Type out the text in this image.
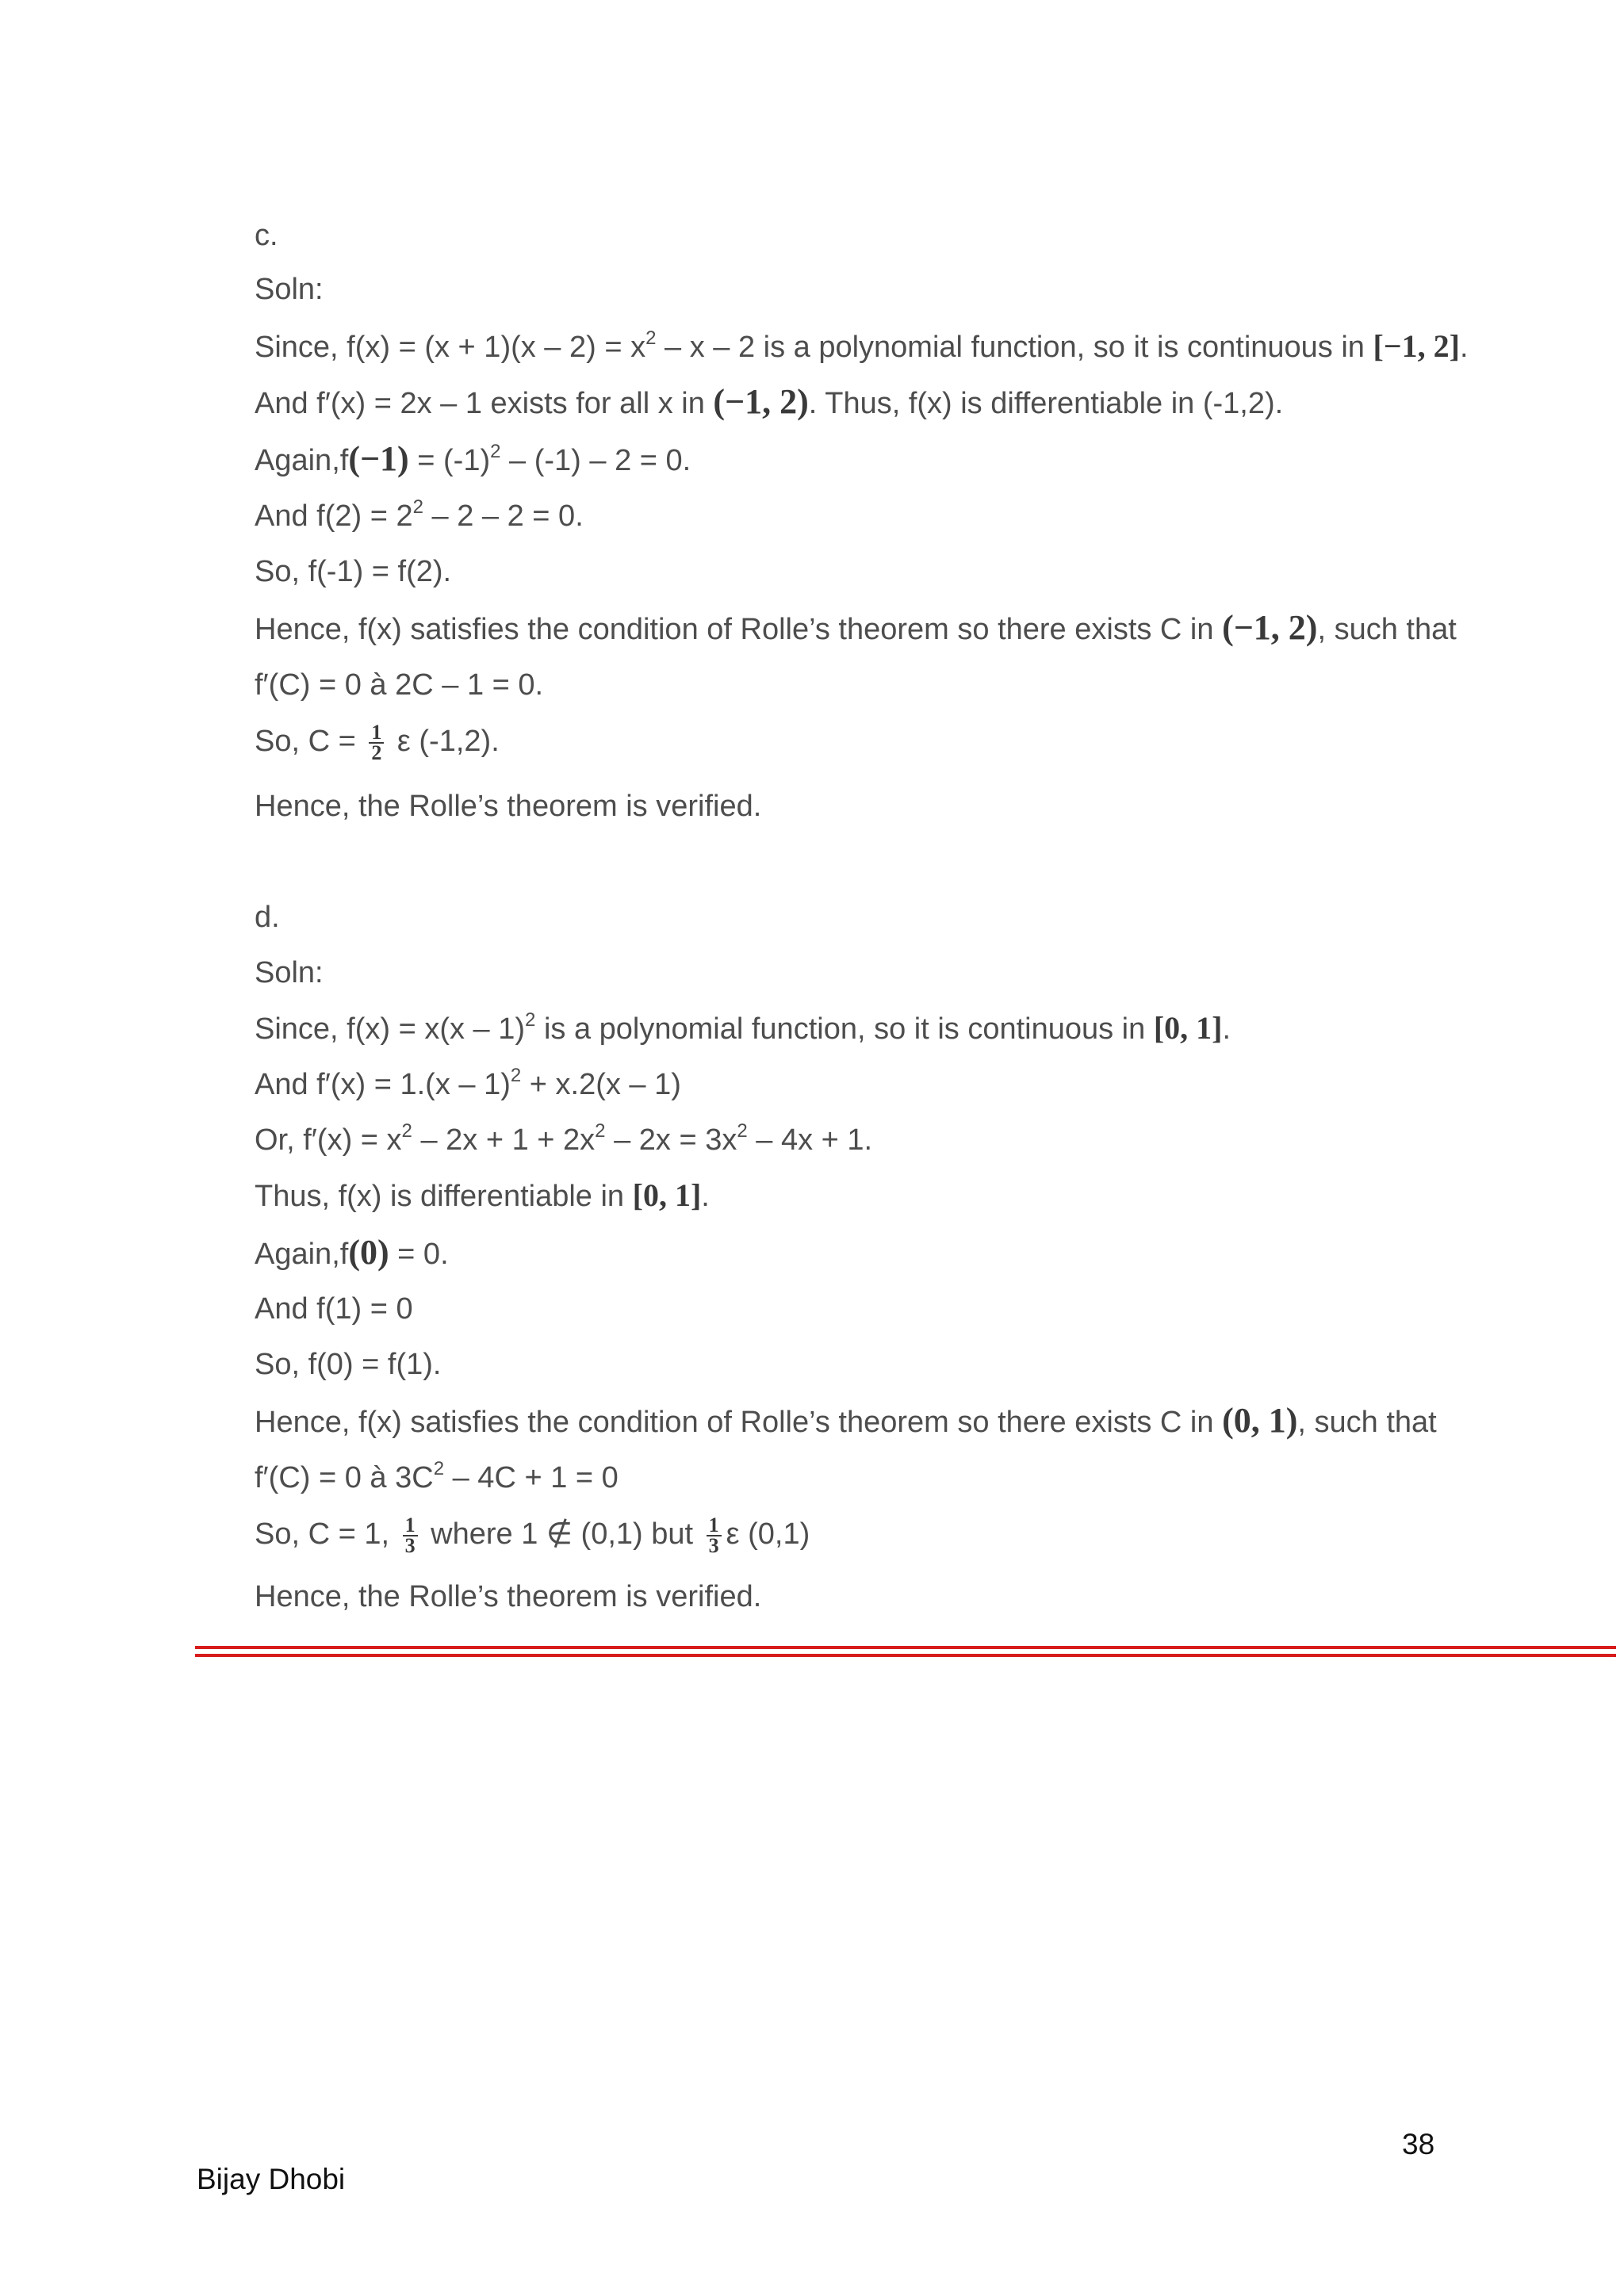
c.
Soln:
Since, $f(x) = (x + 1)(x - 2) = x^2 - x - 2$ is a polynomial function, so it is continuous in [−1, 2].
And f′(x) = 2x – 1 exists for all x in (−1, 2). Thus, f(x) is differentiable in (-1,2).
Again,f(−1) = $(-1)^2 - (-1) - 2 = 0$.
And $f(2) = 2^2 - 2 - 2 = 0$.
So, f(-1) = f(2).
Hence, f(x) satisfies the condition of Rolle’s theorem so there exists C in (−1, 2), such that
f′(C) = 0 à 2C – 1 = 0.
So, $C = \frac{1}{2}$ ε (-1,2).
Hence, the Rolle’s theorem is verified.
d.
Soln:
Since, f(x) = x(x – 1)$^2$ is a polynomial function, so it is continuous in [0, 1].
And f′(x) = 1.(x – 1)$^2$ + x.2(x – 1)
Or, $f'(x) = x^2 - 2x + 1 + 2x^2 - 2x = 3x^2 - 4x + 1$.
Thus, f(x) is differentiable in [0, 1].
Again,f(0) = 0.
And f(1) = 0
So, f(0) = f(1).
Hence, f(x) satisfies the condition of Rolle’s theorem so there exists C in (0, 1), such that
f′(C) = 0 à $3C^2 - 4C + 1 = 0$
So, C = 1, $\frac{1}{3}$ where 1 ∉ (0,1) but $\frac{1}{3}$ ε (0,1)
Hence, the Rolle’s theorem is verified.
38
Bijay Dhobi
